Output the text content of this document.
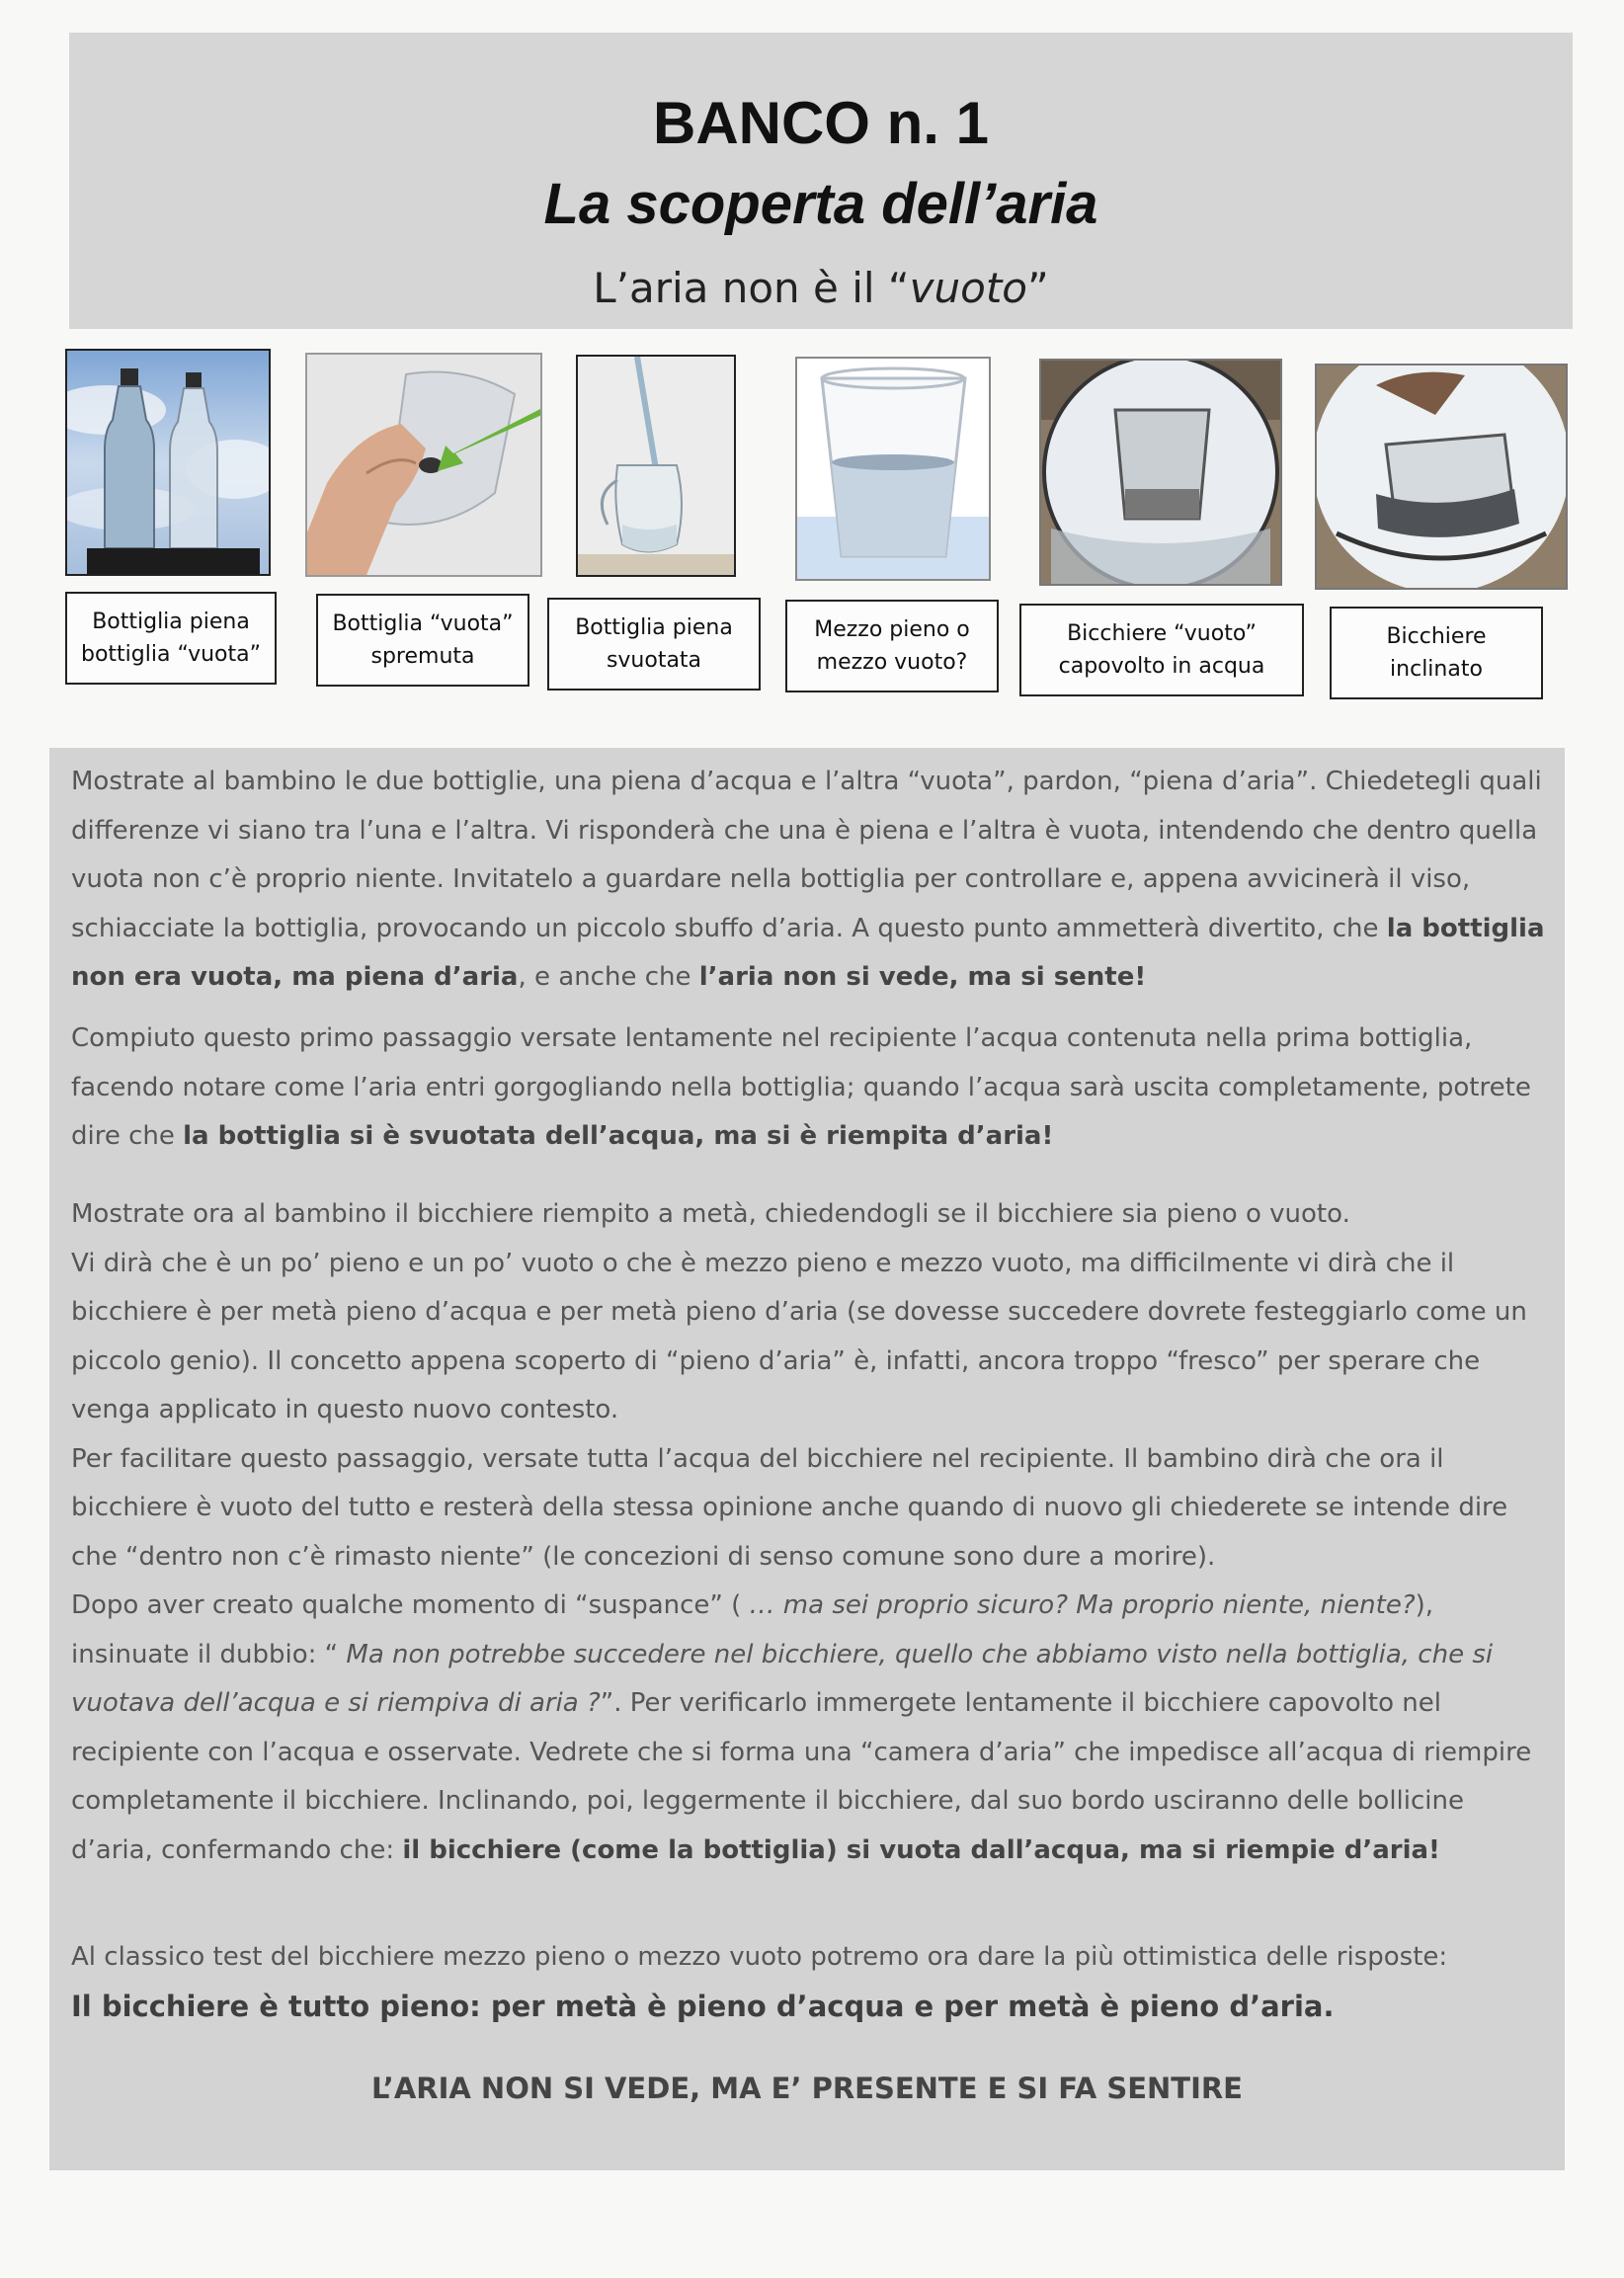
BANCO n. 1
La scoperta dell’aria
L’aria non è il “vuoto”
Bottiglia piena
bottiglia “vuota”
Bottiglia “vuota”
spremuta
Bottiglia piena
svuotata
Mezzo pieno o
mezzo vuoto?
Bicchiere “vuoto”
capovolto in acqua
Bicchiere
inclinato
Mostrate al bambino le due bottiglie, una piena d’acqua e l’altra “vuota”, pardon, “piena d’aria”. Chiedetegli quali differenze vi siano tra l’una e l’altra. Vi risponderà che una è piena e l’altra è vuota, intendendo che dentro quella vuota non c’è proprio niente. Invitatelo a guardare nella bottiglia per controllare e, appena avvicinerà il viso, schiacciate la bottiglia, provocando un piccolo sbuffo d’aria. A questo punto ammetterà divertito, che la bottiglia non era vuota, ma piena d’aria, e anche che l’aria non si vede, ma si sente!
Compiuto questo primo passaggio versate lentamente nel recipiente l’acqua contenuta nella prima bottiglia, facendo notare come l’aria entri gorgogliando nella bottiglia; quando l’acqua sarà uscita completamente, potrete dire che la bottiglia si è svuotata dell’acqua, ma si è riempita d’aria!
Mostrate ora al bambino il bicchiere riempito a metà, chiedendogli se il bicchiere sia pieno o vuoto.
Vi dirà che è un po’ pieno e un po’ vuoto o che è mezzo pieno e mezzo vuoto, ma difficilmente vi dirà che il bicchiere è per metà pieno d’acqua e per metà pieno d’aria (se dovesse succedere dovrete festeggiarlo come un piccolo genio). Il concetto appena scoperto di “pieno d’aria” è, infatti, ancora troppo “fresco” per sperare che venga applicato in questo nuovo contesto.
Per facilitare questo passaggio, versate tutta l’acqua del bicchiere nel recipiente. Il bambino dirà che ora il bicchiere è vuoto del tutto e resterà della stessa opinione anche quando di nuovo gli chiederete se intende dire che “dentro non c’è rimasto niente” (le concezioni di senso comune sono dure a morire).
Dopo aver creato qualche momento di “suspance” ( … ma sei proprio sicuro? Ma proprio niente, niente?), insinuate il dubbio: “ Ma non potrebbe succedere nel bicchiere, quello che abbiamo visto nella bottiglia, che si vuotava dell’acqua e si riempiva di aria ?”. Per verificarlo immergete lentamente il bicchiere capovolto nel recipiente con l’acqua e osservate. Vedrete che si forma una “camera d’aria” che impedisce all’acqua di riempire completamente il bicchiere. Inclinando, poi, leggermente il bicchiere, dal suo bordo usciranno delle bollicine d’aria, confermando che: il bicchiere (come la bottiglia) si vuota dall’acqua, ma si riempie d’aria!
Al classico test del bicchiere mezzo pieno o mezzo vuoto potremo ora dare la più ottimistica delle risposte:
Il bicchiere è tutto pieno: per metà è pieno d’acqua e per metà è pieno d’aria.
L’ARIA NON SI VEDE, MA E’ PRESENTE E SI FA SENTIRE
